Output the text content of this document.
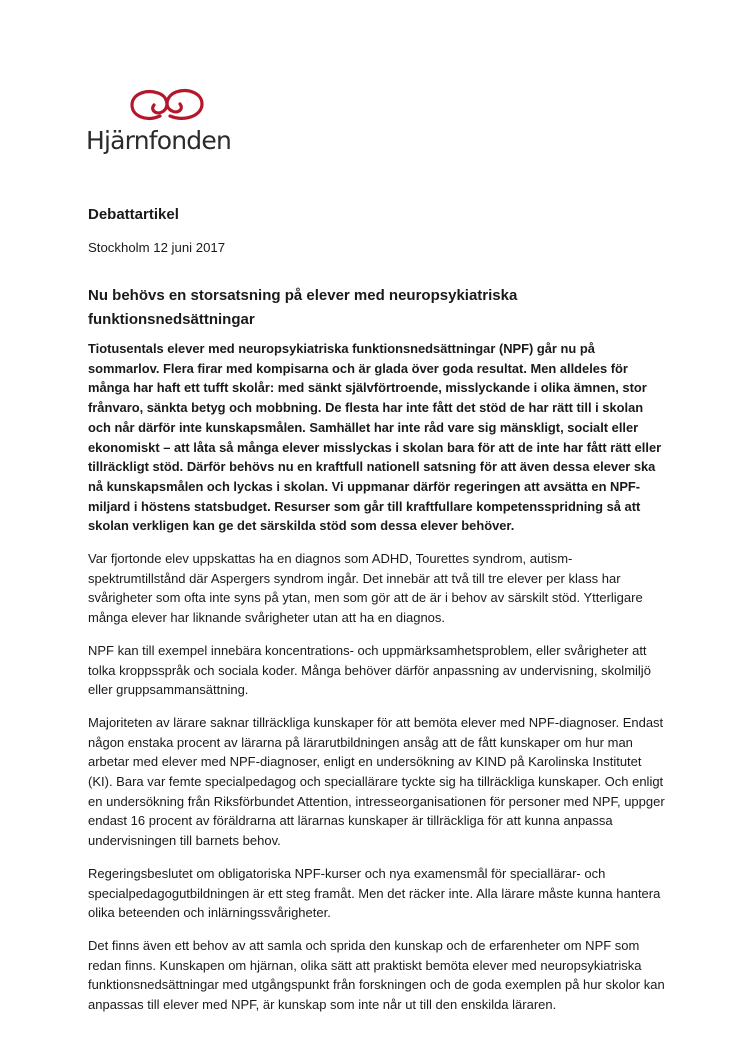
Hjärnfonden

Debattartikel

Stockholm 12 juni 2017

Nu behövs en storsatsning på elever med neuropsykiatriska funktionsnedsättningar

Tiotusentals elever med neuropsykiatriska funktionsnedsättningar (NPF) går nu på sommarlov. Flera firar med kompisarna och är glada över goda resultat. Men alldeles för många har haft ett tufft skolår: med sänkt självförtroende, misslyckande i olika ämnen, stor frånvaro, sänkta betyg och mobbning. De flesta har inte fått det stöd de har rätt till i skolan och når därför inte kunskapsmålen. Samhället har inte råd vare sig mänskligt, socialt eller ekonomiskt – att låta så många elever misslyckas i skolan bara för att de inte har fått rätt eller tillräckligt stöd. Därför behövs nu en kraftfull nationell satsning för att även dessa elever ska nå kunskapsmålen och lyckas i skolan. Vi uppmanar därför regeringen att avsätta en NPF-miljard i höstens statsbudget. Resurser som går till kraftfullare kompetensspridning så att skolan verkligen kan ge det särskilda stöd som dessa elever behöver.

Var fjortonde elev uppskattas ha en diagnos som ADHD, Tourettes syndrom, autism-spektrumtillstånd där Aspergers syndrom ingår. Det innebär att två till tre elever per klass har svårigheter som ofta inte syns på ytan, men som gör att de är i behov av särskilt stöd. Ytterligare många elever har liknande svårigheter utan att ha en diagnos.

NPF kan till exempel innebära koncentrations- och uppmärksamhetsproblem, eller svårigheter att tolka kroppsspråk och sociala koder. Många behöver därför anpassning av undervisning, skolmiljö eller gruppsammansättning.

Majoriteten av lärare saknar tillräckliga kunskaper för att bemöta elever med NPF-diagnoser. Endast någon enstaka procent av lärarna på lärarutbildningen ansåg att de fått kunskaper om hur man arbetar med elever med NPF-diagnoser, enligt en undersökning av KIND på Karolinska Institutet (KI). Bara var femte specialpedagog och speciallärare tyckte sig ha tillräckliga kunskaper. Och enligt en undersökning från Riksförbundet Attention, intresseorganisationen för personer med NPF, uppger endast 16 procent av föräldrarna att lärarnas kunskaper är tillräckliga för att kunna anpassa undervisningen till barnets behov.

Regeringsbeslutet om obligatoriska NPF-kurser och nya examensmål för speciallärar- och specialpedagogutbildningen är ett steg framåt. Men det räcker inte. Alla lärare måste kunna hantera olika beteenden och inlärningssvårigheter.

Det finns även ett behov av att samla och sprida den kunskap och de erfarenheter om NPF som redan finns. Kunskapen om hjärnan, olika sätt att praktiskt bemöta elever med neuropsykiatriska funktionsnedsättningar med utgångspunkt från forskningen och de goda exemplen på hur skolor kan anpassas till elever med NPF, är kunskap som inte når ut till den enskilda läraren.
